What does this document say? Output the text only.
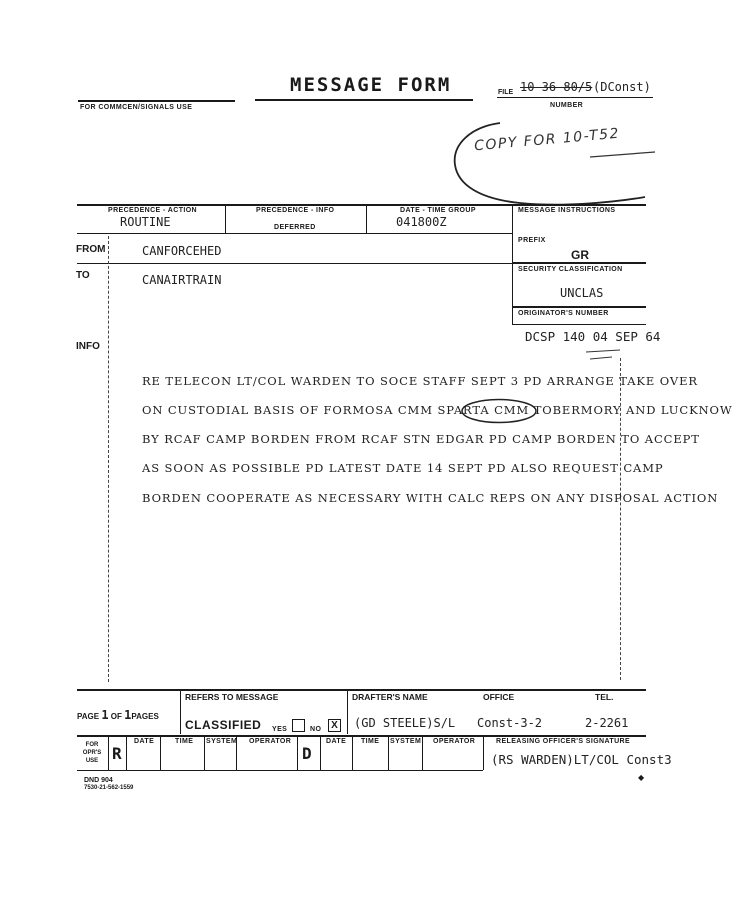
MESSAGE FORM
FOR COMMCEN/SIGNALS USE
FILE 10-36-80/5 (DConst)
NUMBER
COPY FOR 10-T52
PRECEDENCE - ACTION
ROUTINE
PRECEDENCE - INFO
DEFERRED
DATE - TIME GROUP
041800Z
MESSAGE INSTRUCTIONS
FROM	CANFORCEHED
TO	CANAIRTRAIN
INFO
PREFIX
GR
SECURITY CLASSIFICATION
UNCLAS
ORIGINATOR'S NUMBER
DCSP 140 04 SEP 64
RE TELECON LT/COL WARDEN TO SOCE STAFF SEPT 3 PD ARRANGE TAKE OVER
ON CUSTODIAL BASIS OF FORMOSA CMM SPARTA CMM TOBERMORY AND LUCKNOW
BY RCAF CAMP BORDEN FROM RCAF STN EDGAR PD CAMP BORDEN TO ACCEPT
AS SOON AS POSSIBLE PD LATEST DATE 14 SEPT PD ALSO REQUEST CAMP
BORDEN COOPERATE AS NECESSARY WITH CALC REPS ON ANY DISPOSAL ACTION
PAGE 1 OF 1PAGES
REFERS TO MESSAGE
CLASSIFIED YES	NO X
DRAFTER'S NAME
(GD STEELE)S/L
OFFICE
Const-3-2
TEL.
2-2261
FOR
OPR'S
USE R
DATE	TIME SYSTEM OPERATOR
D
DATE TIME SYSTEM OPERATOR	RELEASING OFFICER'S SIGNATURE
(RS WARDEN)LT/COL Const3
DND 904
7530-21-562-1559
◆
